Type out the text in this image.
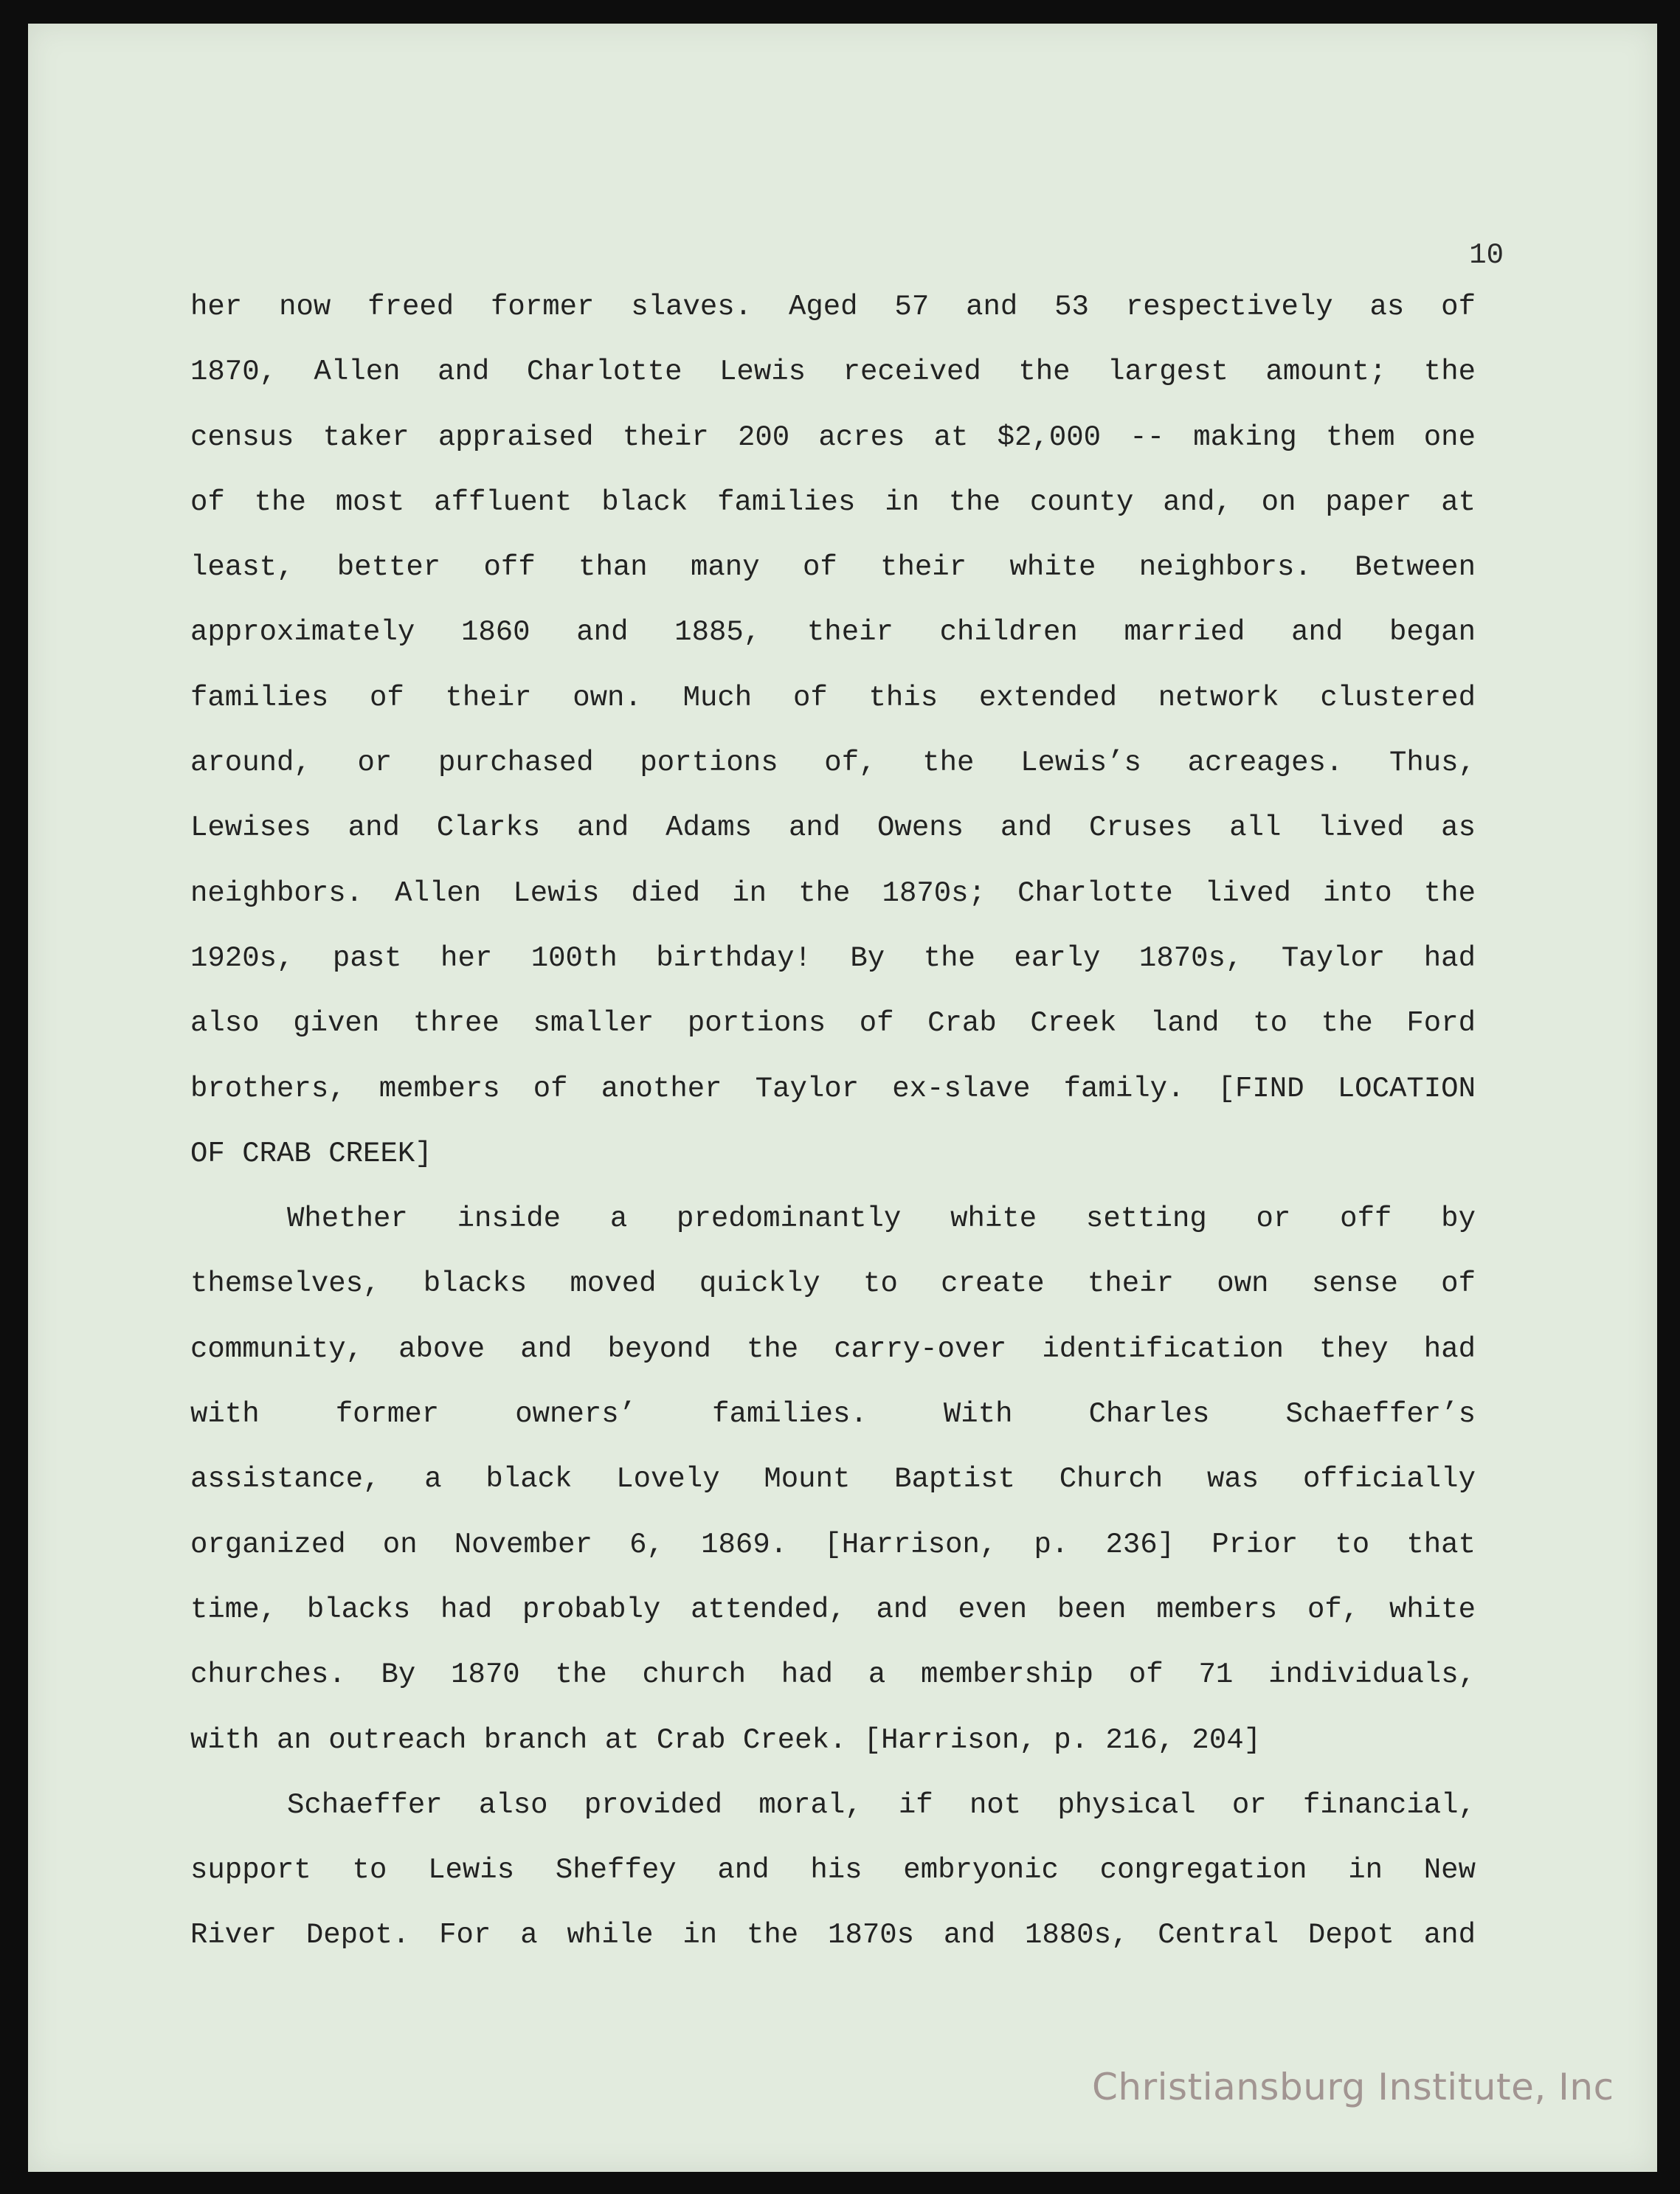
10
her now freed former slaves. Aged 57 and 53 respectively as of
1870, Allen and Charlotte Lewis received the largest amount; the
census taker appraised their 200 acres at $2,000 -- making them one
of the most affluent black families in the county and, on paper at
least, better off than many of their white neighbors. Between
approximately 1860 and 1885, their children married and began
families of their own. Much of this extended network clustered
around, or purchased portions of, the Lewis’s acreages. Thus,
Lewises and Clarks and Adams and Owens and Cruses all lived as
neighbors. Allen Lewis died in the 1870s; Charlotte lived into the
1920s, past her 100th birthday! By the early 1870s, Taylor had
also given three smaller portions of Crab Creek land to the Ford
brothers, members of another Taylor ex-slave family. [FIND LOCATION
OF CRAB CREEK]
Whether inside a predominantly white setting or off by
themselves, blacks moved quickly to create their own sense of
community, above and beyond the carry-over identification they had
with former owners’ families. With Charles Schaeffer’s
assistance, a black Lovely Mount Baptist Church was officially
organized on November 6, 1869. [Harrison, p. 236] Prior to that
time, blacks had probably attended, and even been members of, white
churches. By 1870 the church had a membership of 71 individuals,
with an outreach branch at Crab Creek. [Harrison, p. 216, 204]
Schaeffer also provided moral, if not physical or financial,
support to Lewis Sheffey and his embryonic congregation in New
River Depot. For a while in the 1870s and 1880s, Central Depot and
Christiansburg Institute, Inc
